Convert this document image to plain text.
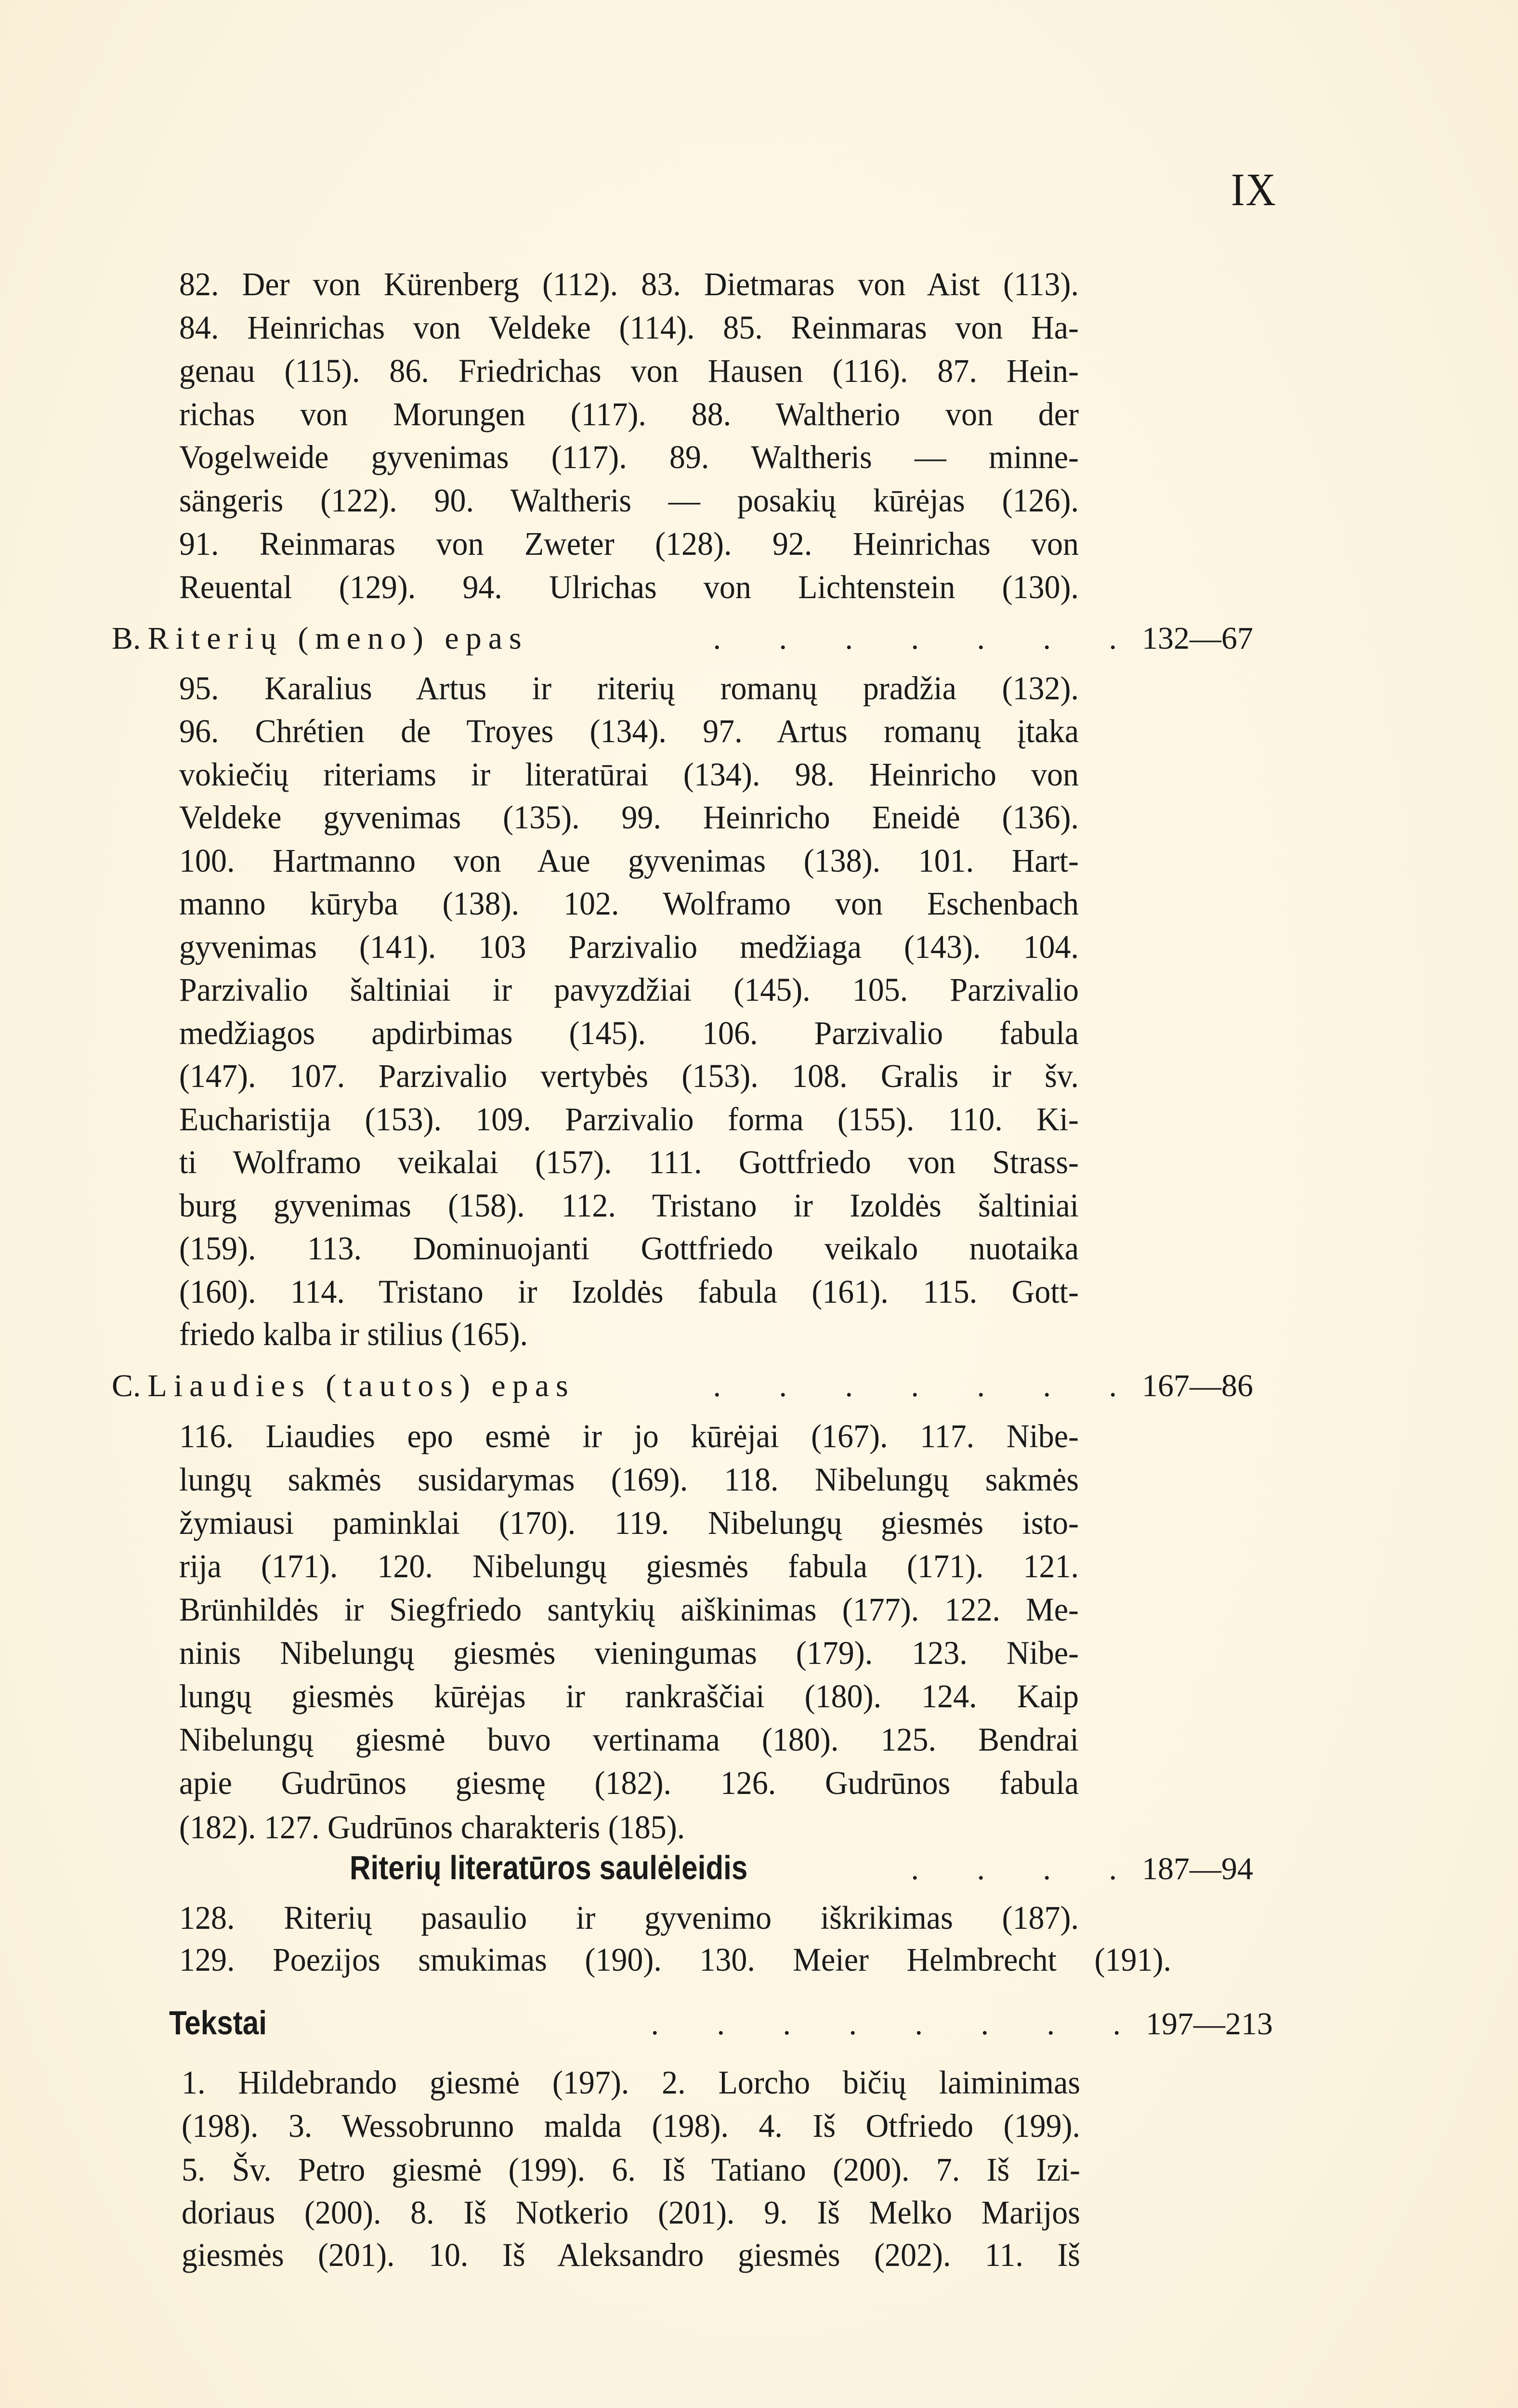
IX
82. Der von Kürenberg (112). 83. Dietmaras von Aist (113).
84. Heinrichas von Veldeke (114). 85. Reinmaras von Ha-
genau (115). 86. Friedrichas von Hausen (116). 87. Hein-
richas von Morungen (117). 88. Waltherio von der
Vogelweide gyvenimas (117). 89. Waltheris — minne-
sängeris (122). 90. Waltheris — posakių kūrėjas (126).
91. Reinmaras von Zweter (128). 92. Heinrichas von
Reuental (129). 94. Ulrichas von Lichtenstein (130).
B. Riterių (meno) epas	. . . . . . . 132—67
95. Karalius Artus ir riterių romanų pradžia (132).
96. Chrétien de Troyes (134). 97. Artus romanų įtaka
vokiečių riteriams ir literatūrai (134). 98. Heinricho von
Veldeke gyvenimas (135). 99. Heinricho Eneidė (136).
100. Hartmanno von Aue gyvenimas (138). 101. Hart-
manno kūryba (138). 102. Wolframo von Eschenbach
gyvenimas (141). 103 Parzivalio medžiaga (143). 104.
Parzivalio šaltiniai ir pavyzdžiai (145). 105. Parzivalio
medžiagos apdirbimas (145). 106. Parzivalio fabula
(147). 107. Parzivalio vertybės (153). 108. Gralis ir šv.
Eucharistija (153). 109. Parzivalio forma (155). 110. Ki-
ti Wolframo veikalai (157). 111. Gottfriedo von Strass-
burg gyvenimas (158). 112. Tristano ir Izoldės šaltiniai
(159). 113. Dominuojanti Gottfriedo veikalo nuotaika
(160). 114. Tristano ir Izoldės fabula (161). 115. Gott-
friedo kalba ir stilius (165).
C. Liaudies (tautos) epas	. . . . . . . 167—86
116. Liaudies epo esmė ir jo kūrėjai (167). 117. Nibe-
lungų sakmės susidarymas (169). 118. Nibelungų sakmės
žymiausi paminklai (170). 119. Nibelungų giesmės isto-
rija (171). 120. Nibelungų giesmės fabula (171). 121.
Brünhildės ir Siegfriedo santykių aiškinimas (177). 122. Me-
ninis Nibelungų giesmės vieningumas (179). 123. Nibe-
lungų giesmės kūrėjas ir rankraščiai (180). 124. Kaip
Nibelungų giesmė buvo vertinama (180). 125. Bendrai
apie Gudrūnos giesmę (182). 126. Gudrūnos fabula
(182). 127. Gudrūnos charakteris (185).
Riterių literatūros saulėleidis	. . . . 187—94
128. Riterių pasaulio ir gyvenimo iškrikimas (187).
129. Poezijos smukimas (190). 130. Meier Helmbrecht (191).
Tekstai	. . . . . . . . 197—213
1. Hildebrando giesmė (197). 2. Lorcho bičių laiminimas
(198). 3. Wessobrunno malda (198). 4. Iš Otfriedo (199).
5. Šv. Petro giesmė (199). 6. Iš Tatiano (200). 7. Iš Izi-
doriaus (200). 8. Iš Notkerio (201). 9. Iš Melko Marijos
giesmės (201). 10. Iš Aleksandro giesmės (202). 11. Iš
